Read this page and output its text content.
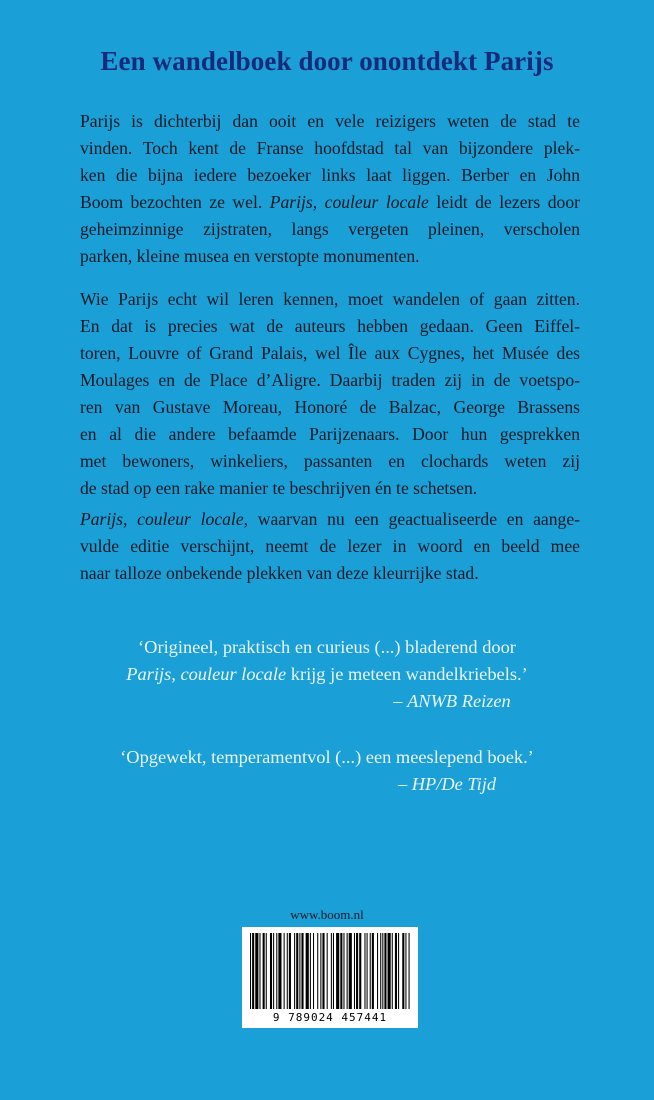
Een wandelboek door onontdekt Parijs
Parijs is dichterbij dan ooit en vele reizigers weten de stad te
vinden. Toch kent de Franse hoofdstad tal van bijzondere plek-
ken die bijna iedere bezoeker links laat liggen. Berber en John
Boom bezochten ze wel. Parijs, couleur locale leidt de lezers door
geheimzinnige zijstraten, langs vergeten pleinen, verscholen
parken, kleine musea en verstopte monumenten.
Wie Parijs echt wil leren kennen, moet wandelen of gaan zitten.
En dat is precies wat de auteurs hebben gedaan. Geen Eiffel-
toren, Louvre of Grand Palais, wel Île aux Cygnes, het Musée des
Moulages en de Place d’Aligre. Daarbij traden zij in de voetspo-
ren van Gustave Moreau, Honoré de Balzac, George Brassens
en al die andere befaamde Parijzenaars. Door hun gesprekken
met bewoners, winkeliers, passanten en clochards weten zij
de stad op een rake manier te beschrijven én te schetsen.
Parijs, couleur locale, waarvan nu een geactualiseerde en aange-
vulde editie verschijnt, neemt de lezer in woord en beeld mee
naar talloze onbekende plekken van deze kleurrijke stad.
‘Origineel, praktisch en curieus (...) bladerend door
Parijs, couleur locale krijg je meteen wandelkriebels.’
– ANWB Reizen
‘Opgewekt, temperamentvol (...) een meeslepend boek.’
– HP/De Tijd
www.boom.nl
9 789024 457441
